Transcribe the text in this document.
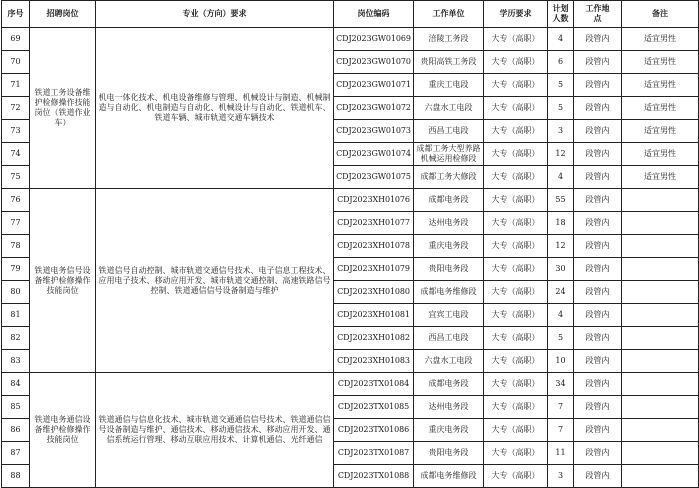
序号	招聘岗位	专业（方向）要求	岗位编码	工作单位	学历要求	计划人数	工作地点	备注
69	铁道工务设备维护检修操作技能岗位（铁道作业车）	机电一体化技术、机电设备维修与管理、机械设计与制造、机械制造与自动化、机电制造与自动化、机械设计与自动化、铁道机车、铁道车辆、城市轨道交通车辆技术	CDJ2023GW01069	涪陵工务段	大专（高职）	4	段管内	适宜男性
70			CDJ2023GW01070	贵阳高铁工务段	大专（高职）	6	段管内	适宜男性
71			CDJ2023GW01071	重庆工电段	大专（高职）	5	段管内	适宜男性
72			CDJ2023GW01072	六盘水工电段	大专（高职）	5	段管内	适宜男性
73			CDJ2023GW01073	西昌工电段	大专（高职）	3	段管内	适宜男性
74			CDJ2023GW01074	成都工务大型养路机械运用检修段	大专（高职）	12	段管内	适宜男性
75			CDJ2023GW01075	成都工务大修段	大专（高职）	4	段管内	适宜男性
76	铁道电务信号设备维护检修操作技能岗位	铁道信号自动控制、城市轨道交通信号技术、电子信息工程技术、应用电子技术、移动应用开发、城市轨道交通控制、高速铁路信号控制、铁道通信信号设备制造与维护	CDJ2023XH01076	成都电务段	大专（高职）	55	段管内	
77			CDJ2023XH01077	达州电务段	大专（高职）	18	段管内	
78			CDJ2023XH01078	重庆电务段	大专（高职）	12	段管内	
79			CDJ2023XH01079	贵阳电务段	大专（高职）	30	段管内	
80			CDJ2023XH01080	成都电务维修段	大专（高职）	24	段管内	
81			CDJ2023XH01081	宜宾工电段	大专（高职）	4	段管内	
82			CDJ2023XH01082	西昌工电段	大专（高职）	5	段管内	
83			CDJ2023XH01083	六盘水工电段	大专（高职）	10	段管内	
84	铁道电务通信设备维护检修操作技能岗位	铁道通信与信息化技术、城市轨道交通通信信号技术、铁道通信信号设备制造与维护、通信技术、移动通信技术、移动应用开发、通信系统运行管理、移动互联应用技术、计算机通信、光纤通信	CDJ2023TX01084	成都电务段	大专（高职）	34	段管内	
85			CDJ2023TX01085	达州电务段	大专（高职）	7	段管内	
86			CDJ2023TX01086	重庆电务段	大专（高职）	7	段管内	
87			CDJ2023TX01087	贵阳电务段	大专（高职）	11	段管内	
88			CDJ2023TX01088	成都电务维修段	大专（高职）	3	段管内	
